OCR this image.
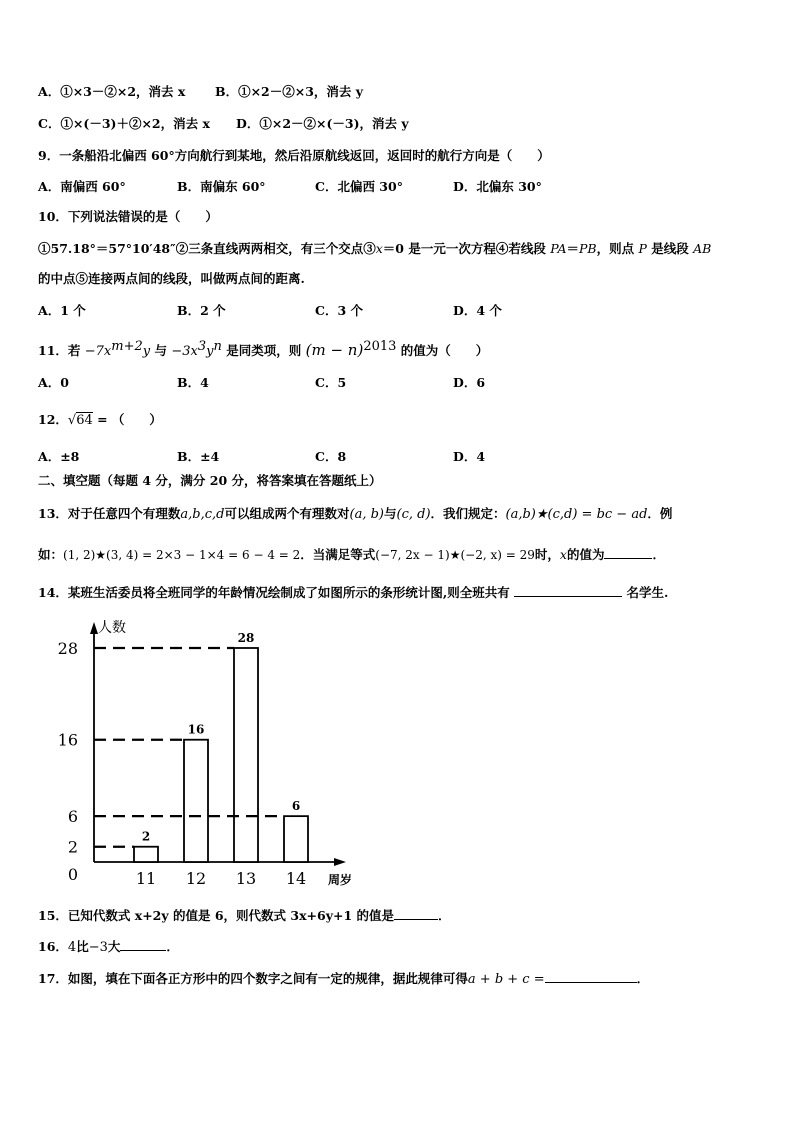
A．①×3－②×2，消去 x B．①×2－②×3，消去 y
C．①×(－3)＋②×2，消去 x D．①×2－②×(－3)，消去 y
9．一条船沿北偏西 60°方向航行到某地，然后沿原航线返回，返回时的航行方向是（　　）
A．南偏西 60°	B．南偏东 60°	C．北偏西 30°	D．北偏东 30°
10．下列说法错误的是（　　）
①57.18°＝57°10′48″②三条直线两两相交，有三个交点③x＝0 是一元一次方程④若线段 PA＝PB，则点 P 是线段 AB
的中点⑤连接两点间的线段，叫做两点间的距离.
A．1 个	B．2 个	C．3 个	D．4 个
11．若 $-7x^{m+2}y$ 与 $-3x^3y^n$ 是同类项，则 $(m - n)^{2013}$ 的值为（　　）
A．0	B．4	C．5	D．6
12．√64 = （　　）
A．±8	B．±4	C．8	D．4
二、填空题（每题 4 分，满分 20 分，将答案填在答题纸上）
13．对于任意四个有理数a,b,c,d可以组成两个有理数对(a, b)与(c, d)．我们规定：(a,b)★(c,d) = bc − ad．例
如：(1, 2)★(3, 4) = 2×3 − 1×4 = 6 − 4 = 2．当满足等式(−7, 2x − 1)★(−2, x) = 29时，x的值为	．
14．某班生活委员将全班同学的年龄情况绘制成了如图所示的条形统计图,则全班共有	名学生.
人数
周岁
0
2
6
16
28
2
11
16
12
28
13
6
14
15．已知代数式 x+2y 的值是 6，则代数式 3x+6y+1 的值是	．
16．4比−3大	．
17．如图，填在下面各正方形中的四个数字之间有一定的规律，据此规律可得a + b + c =	．
